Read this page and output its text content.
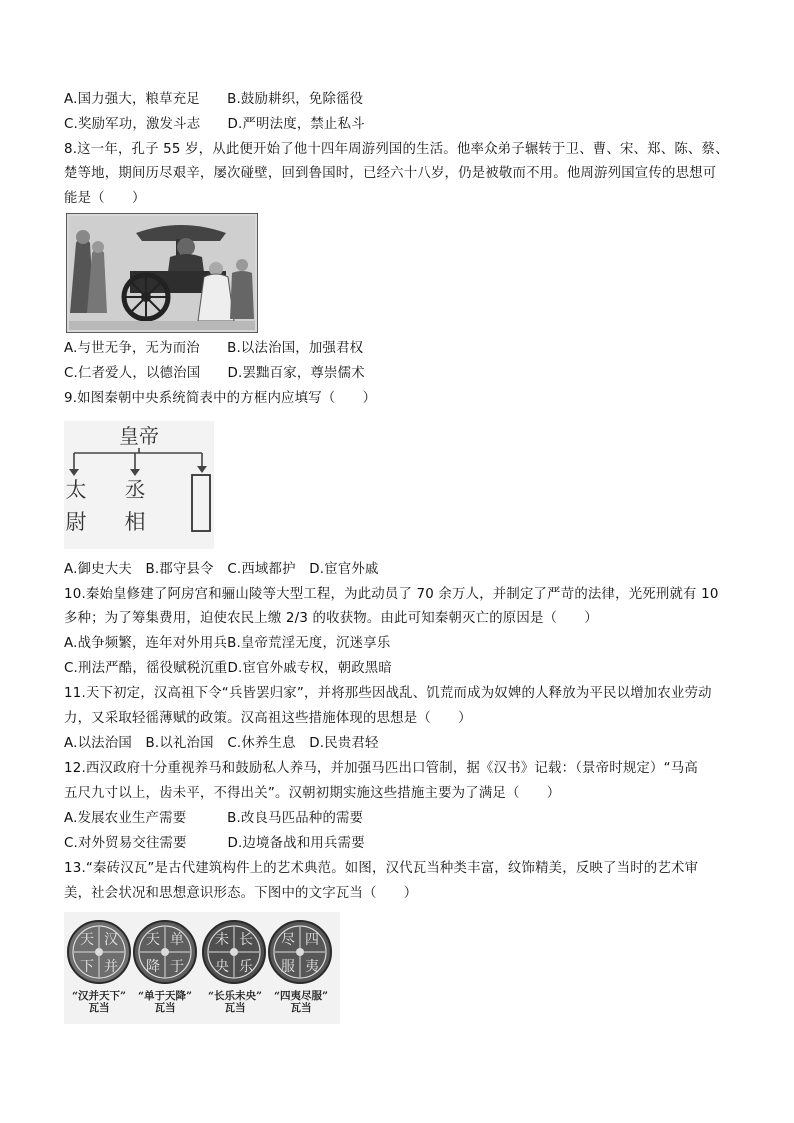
A.国力强大，粮草充足　　B.鼓励耕织，免除徭役
C.奖励军功，激发斗志　　D.严明法度，禁止私斗
8.这一年，孔子 55 岁，从此便开始了他十四年周游列国的生活。他率众弟子辗转于卫、曹、宋、郑、陈、蔡、
楚等地，期间历尽艰辛，屡次碰壁，回到鲁国时，已经六十八岁，仍是被敬而不用。他周游列国宣传的思想可
能是（　　）
A.与世无争，无为而治　　B.以法治国，加强君权
C.仁者爱人，以德治国　　D.罢黜百家，尊崇儒术
9.如图秦朝中央系统简表中的方框内应填写（　　）
皇帝
太
尉
丞
相
A.御史大夫　B.郡守县令　C.西域都护　D.宦官外戚
10.秦始皇修建了阿房宫和骊山陵等大型工程，为此动员了 70 余万人，并制定了严苛的法律，光死刑就有 10
多种；为了筹集费用，迫使农民上缴 2/3 的收获物。由此可知秦朝灭亡的原因是（　　）
A.战争频繁，连年对外用兵B.皇帝荒淫无度，沉迷享乐
C.刑法严酷，徭役赋税沉重D.宦官外戚专权，朝政黑暗
11.天下初定，汉高祖下令“兵皆罢归家”，并将那些因战乱、饥荒而成为奴婢的人释放为平民以增加农业劳动
力，又采取轻徭薄赋的政策。汉高祖这些措施体现的思想是（　　）
A.以法治国　B.以礼治国　C.休养生息　D.民贵君轻
12.西汉政府十分重视养马和鼓励私人养马，并加强马匹出口管制，据《汉书》记载：（景帝时规定）“马高
五尺九寸以上，齿未平，不得出关”。汉朝初期实施这些措施主要为了满足（　　）
A.发展农业生产需要　　　B.改良马匹品种的需要
C.对外贸易交往需要　　　D.边境备战和用兵需要
13.“秦砖汉瓦”是古代建筑构件上的艺术典范。如图，汉代瓦当种类丰富，纹饰精美，反映了当时的艺术审
美，社会状况和思想意识形态。下图中的文字瓦当（　　）
汉
并
天
下
单
于
天
降
长
乐
未
央
四
夷
尽
服
“汉并天下”
瓦当
“单于天降”
瓦当
“长乐未央”
瓦当
“四夷尽服”
瓦当
